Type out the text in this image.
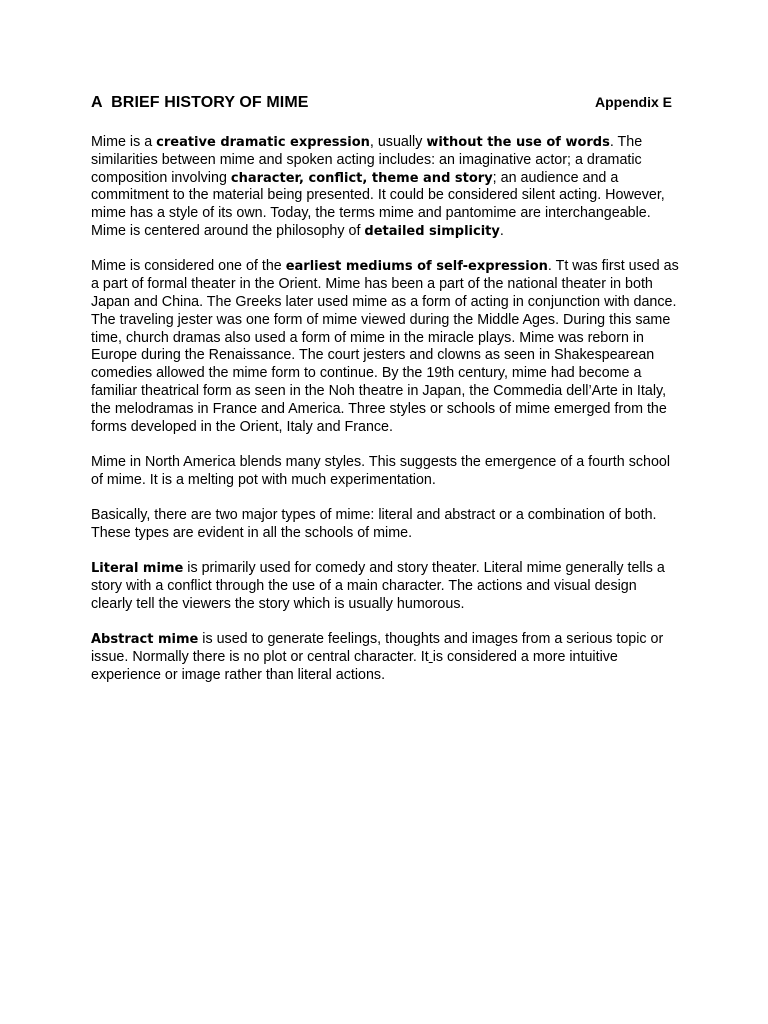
A  BRIEF HISTORY OF MIME	Appendix E

Mime is a creative dramatic expression, usually without the use of words. The similarities between mime and spoken acting includes: an imaginative actor; a dramatic composition involving character, conflict, theme and story; an audience and a commitment to the material being presented. It could be considered silent acting. However, mime has a style of its own. Today, the terms mime and pantomime are interchangeable. Mime is centered around the philosophy of detailed simplicity.

Mime is considered one of the earliest mediums of self-expression. Tt was first used as a part of formal theater in the Orient. Mime has been a part of the national theater in both Japan and China. The Greeks later used mime as a form of acting in conjunction with dance. The traveling jester was one form of mime viewed during the Middle Ages. During this same time, church dramas also used a form of mime in the miracle plays. Mime was reborn in Europe during the Renaissance. The court jesters and clowns as seen in Shakespearean comedies allowed the mime form to continue. By the 19th century, mime had become a familiar theatrical form as seen in the Noh theatre in Japan, the Commedia dell’Arte in Italy, the melodramas in France and America. Three styles or schools of mime emerged from the forms developed in the Orient, Italy and France.

Mime in North America blends many styles. This suggests the emergence of a fourth school of mime. It is a melting pot with much experimentation.

Basically, there are two major types of mime: literal and abstract or a combination of both. These types are evident in all the schools of mime.

Literal mime is primarily used for comedy and story theater. Literal mime generally tells a story with a conflict through the use of a main character. The actions and visual design clearly tell the viewers the story which is usually humorous.

Abstract mime is used to generate feelings, thoughts and images from a serious topic or issue. Normally there is no plot or central character. It is considered a more intuitive experience or image rather than literal actions.
